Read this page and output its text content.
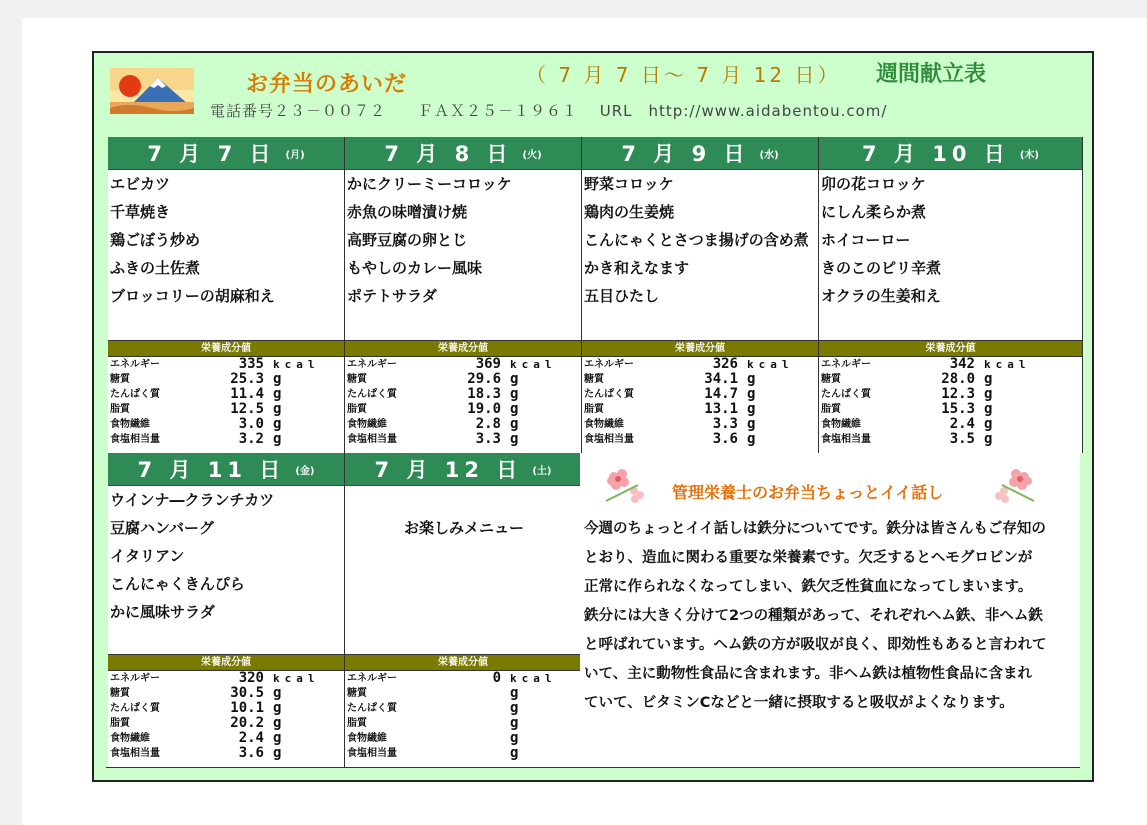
お弁当のあいだ	（ 7 月 7 日～ 7 月 12 日） 週間献立表
電話番号２３－００７２　　ＦＡＸ２５－１９６１　 URL　http://www.aidabentou.com/
7 月 7 日 (月)
エビカツ
千草焼き
鶏ごぼう炒め
ふきの土佐煮
ブロッコリーの胡麻和え
栄養成分値
エネルギー	335 kcal
糖質	25.3 g
たんぱく質	11.4 g
脂質	12.5 g
食物繊維	3.0 g
食塩相当量	3.2 g
7 月 8 日 (火)
かにクリーミーコロッケ
赤魚の味噌漬け焼
高野豆腐の卵とじ
もやしのカレー風味
ポテトサラダ
栄養成分値
エネルギー	369 kcal
糖質	29.6 g
たんぱく質	18.3 g
脂質	19.0 g
食物繊維	2.8 g
食塩相当量	3.3 g
7 月 9 日 (水)
野菜コロッケ
鶏肉の生姜焼
こんにゃくとさつま揚げの含め煮
かき和えなます
五目ひたし
栄養成分値
エネルギー	326 kcal
糖質	34.1 g
たんぱく質	14.7 g
脂質	13.1 g
食物繊維	3.3 g
食塩相当量	3.6 g
7 月 10 日 (木)
卯の花コロッケ
にしん柔らか煮
ホイコーロー
きのこのピリ辛煮
オクラの生姜和え
栄養成分値
エネルギー	342 kcal
糖質	28.0 g
たんぱく質	12.3 g
脂質	15.3 g
食物繊維	2.4 g
食塩相当量	3.5 g
7 月 11 日 (金)
ウインナ―クランチカツ
豆腐ハンバーグ
イタリアン
こんにゃくきんぴら
かに風味サラダ
栄養成分値
エネルギー	320 kcal
糖質	30.5 g
たんぱく質	10.1 g
脂質	20.2 g
食物繊維	2.4 g
食塩相当量	3.6 g
7 月 12 日 (土)
お楽しみメニュー
栄養成分値
エネルギー	0 kcal
糖質	g
たんぱく質	g
脂質	g
食物繊維	g
食塩相当量	g
管理栄養士のお弁当ちょっとイイ話し
今週のちょっとイイ話しは鉄分についてです。鉄分は皆さんもご存知の
とおり、造血に関わる重要な栄養素です。欠乏するとヘモグロビンが
正常に作られなくなってしまい、鉄欠乏性貧血になってしまいます。
鉄分には大きく分けて2つの種類があって、それぞれヘム鉄、非ヘム鉄
と呼ばれています。ヘム鉄の方が吸収が良く、即効性もあると言われて
いて、主に動物性食品に含まれます。非ヘム鉄は植物性食品に含まれ
ていて、ビタミンCなどと一緒に摂取すると吸収がよくなります。
